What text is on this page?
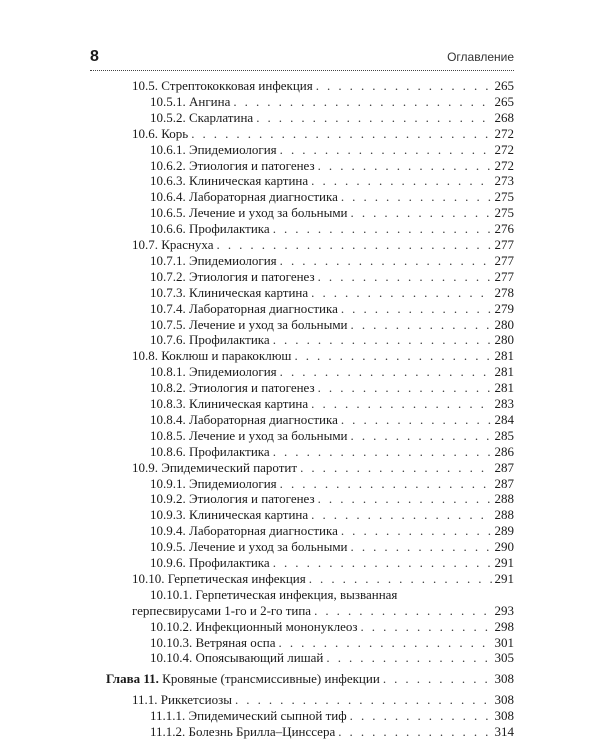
8	Оглавление
10.5. Стрептококковая инфекция . . .	265
10.5.1. Ангина . . .	265
10.5.2. Скарлатина . . .	268
10.6. Корь . . .	272
10.6.1. Эпидемиология . . .	272
10.6.2. Этиология и патогенез . . .	272
10.6.3. Клиническая картина . . .	273
10.6.4. Лабораторная диагностика . . .	275
10.6.5. Лечение и уход за больными . . .	275
10.6.6. Профилактика . . .	276
10.7. Краснуха . . .	277
10.7.1. Эпидемиология . . .	277
10.7.2. Этиология и патогенез . . .	277
10.7.3. Клиническая картина . . .	278
10.7.4. Лабораторная диагностика . . .	279
10.7.5. Лечение и уход за больными . . .	280
10.7.6. Профилактика . . .	280
10.8. Коклюш и паракоклюш . . .	281
10.8.1. Эпидемиология . . .	281
10.8.2. Этиология и патогенез . . .	281
10.8.3. Клиническая картина . . .	283
10.8.4. Лабораторная диагностика . . .	284
10.8.5. Лечение и уход за больными . . .	285
10.8.6. Профилактика . . .	286
10.9. Эпидемический паротит . . .	287
10.9.1. Эпидемиология . . .	287
10.9.2. Этиология и патогенез . . .	288
10.9.3. Клиническая картина . . .	288
10.9.4. Лабораторная диагностика . . .	289
10.9.5. Лечение и уход за больными . . .	290
10.9.6. Профилактика . . .	291
10.10. Герпетическая инфекция . . .	291
10.10.1. Герпетическая инфекция, вызванная
герпесвирусами 1-го и 2-го типа . . .	293
10.10.2. Инфекционный мононуклеоз . . .	298
10.10.3. Ветряная оспа . . .	301
10.10.4. Опоясывающий лишай . . .	305
Глава 11. Кровяные (трансмиссивные) инфекции . . .	308
11.1. Риккетсиозы . . .	308
11.1.1. Эпидемический сыпной тиф . . .	308
11.1.2. Болезнь Брилла–Цинссера . . .	314
